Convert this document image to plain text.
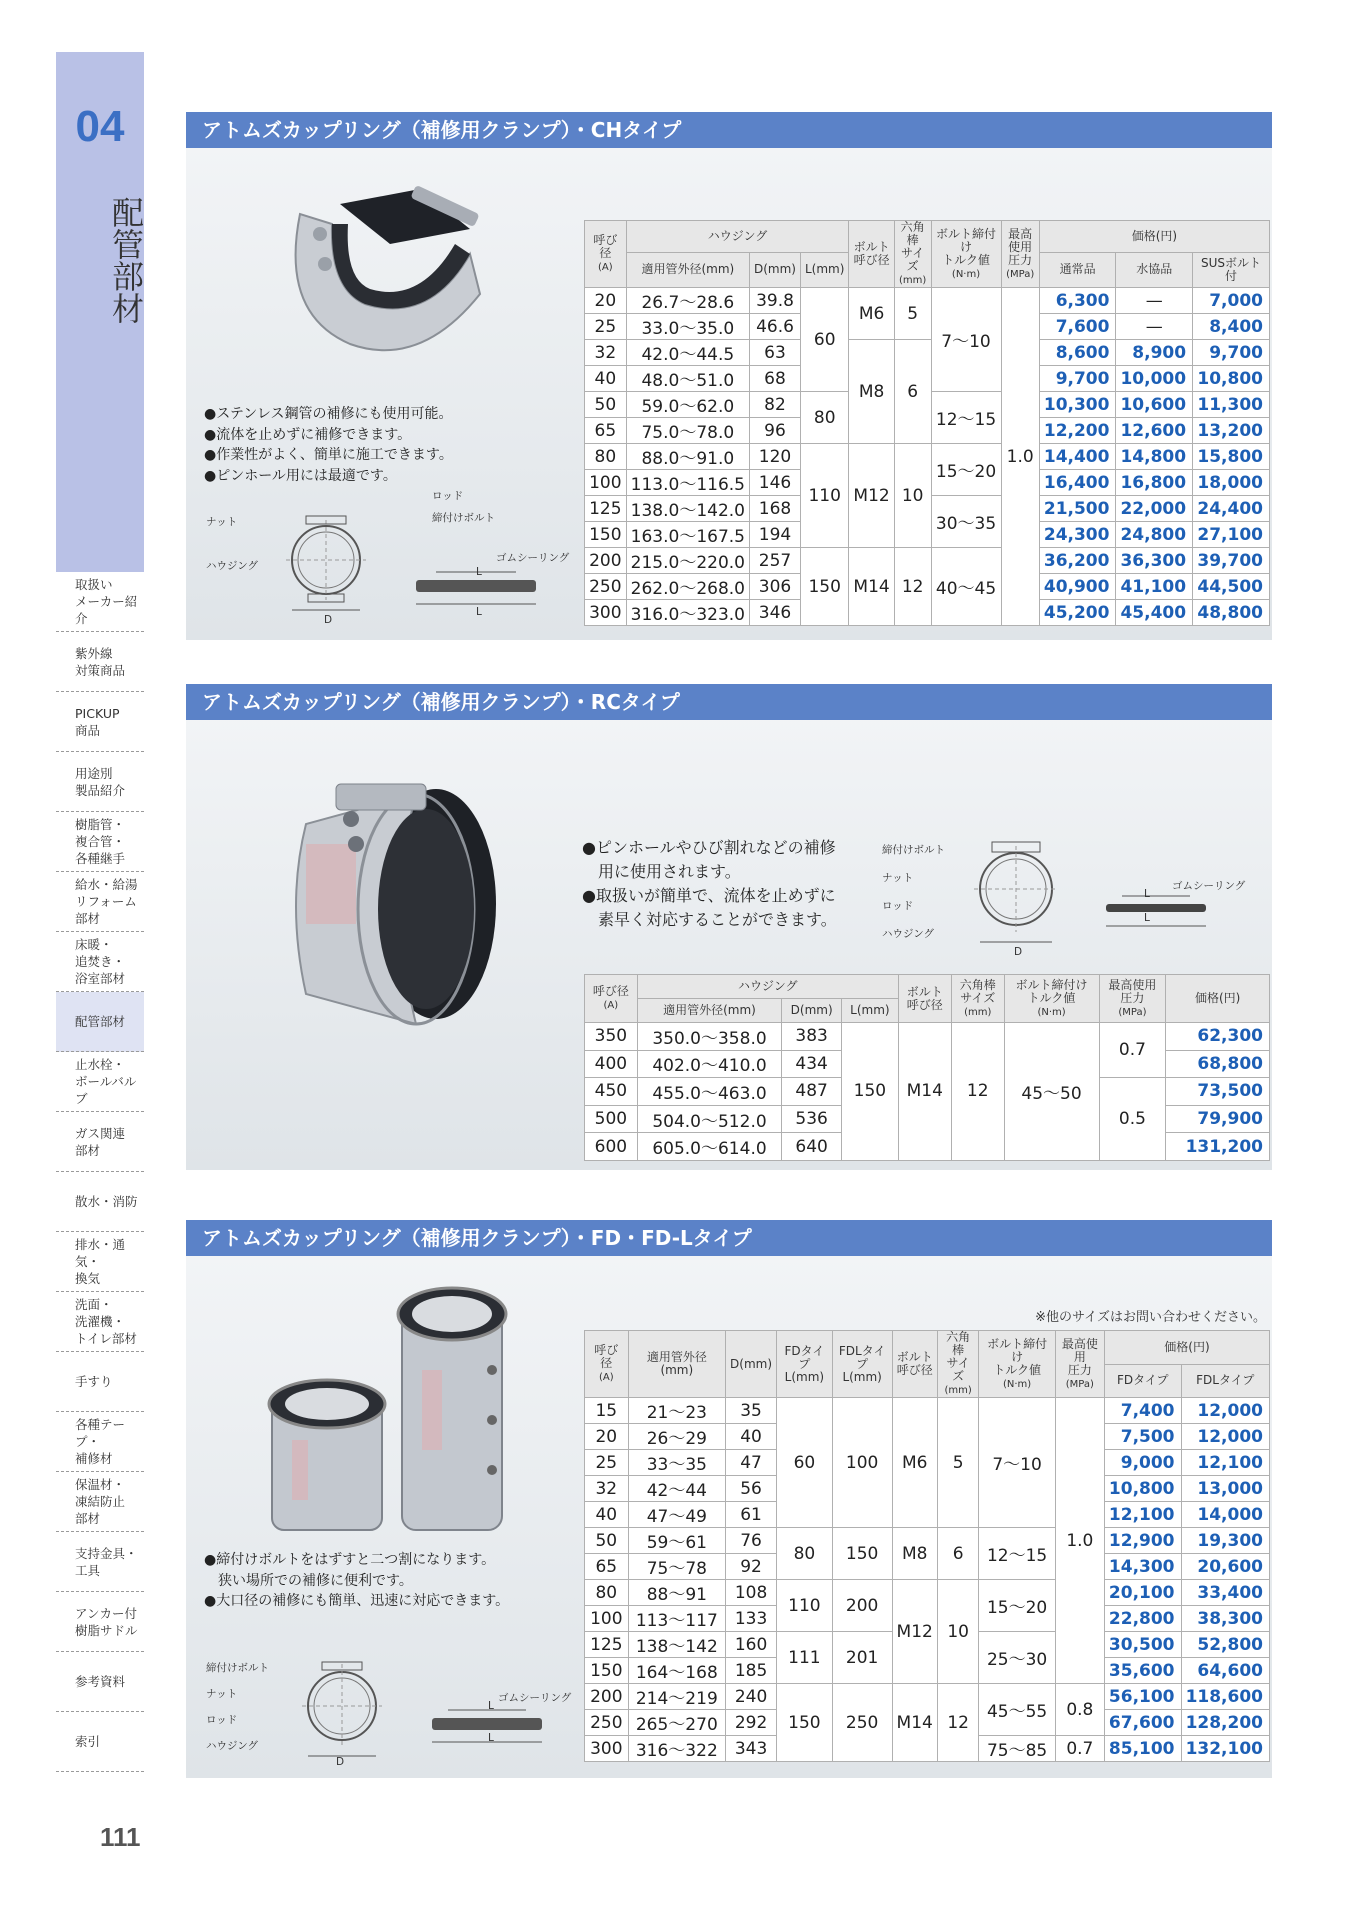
04
配管部材
取扱い
メーカー紹介
紫外線
対策商品
PICKUP
商品
用途別
製品紹介
樹脂管・
複合管・
各種継手
給水・給湯
リフォーム
部材
床暖・
追焚き・
浴室部材
配管部材
止水栓・
ボールバルブ
ガス関連
部材
散水・消防
排水・通気・
換気
洗面・
洗濯機・
トイレ部材
手すり
各種テープ・
補修材
保温材・
凍結防止
部材
支持金具・
工具
アンカー付
樹脂サドル
参考資料
索引
111
アトムズカップリング（補修用クランプ）・CHタイプ
●ステンレス鋼管の補修にも使用可能。
●流体を止めずに補修できます。
●作業性がよく、簡単に施工できます。
●ピンホール用には最適です。
ロッド
締付けボルト
ナット
ハウジング
ゴムシーリング
D
L
L
呼び径
(A)	ハウジング			ボルト
呼び径	六角棒
サイズ
(mm)	ボルト締付け
トルク値
(N·m)	最高使用
圧力
(MPa)	価格(円)		
	適用管外径(mm)	D(mm)	L(mm)					通常品	水協品	SUSボルト付
20	26.7〜28.6	39.8	60	M6	5	7〜10	1.0	6,300	—	7,000
25	33.0〜35.0	46.6						7,600	—	8,400
32	42.0〜44.5	63		M8	6			8,600	8,900	9,700
40	48.0〜51.0	68						9,700	10,000	10,800
50	59.0〜62.0	82	80			12〜15		10,300	10,600	11,300
65	75.0〜78.0	96						12,200	12,600	13,200
80	88.0〜91.0	120	110	M12	10	15〜20		14,400	14,800	15,800
100	113.0〜116.5	146						16,400	16,800	18,000
125	138.0〜142.0	168				30〜35		21,500	22,000	24,400
150	163.0〜167.5	194						24,300	24,800	27,100
200	215.0〜220.0	257	150	M14	12	40〜45		36,200	36,300	39,700
250	262.0〜268.0	306						40,900	41,100	44,500
300	316.0〜323.0	346						45,200	45,400	48,800
アトムズカップリング（補修用クランプ）・RCタイプ
●ピンホールやひび割れなどの補修
　用に使用されます。
●取扱いが簡単で、流体を止めずに
　素早く対応することができます。
締付けボルト
ナット
ロッド
ハウジング
ゴムシーリング
D
L
L
呼び径
(A)	ハウジング			ボルト
呼び径	六角棒
サイズ
(mm)	ボルト締付け
トルク値
(N·m)	最高使用
圧力
(MPa)	価格(円)
	適用管外径(mm)	D(mm)	L(mm)					
350	350.0〜358.0	383	150	M14	12	45〜50	0.7	62,300
400	402.0〜410.0	434						68,800
450	455.0〜463.0	487					0.5	73,500
500	504.0〜512.0	536						79,900
600	605.0〜614.0	640						131,200
アトムズカップリング（補修用クランプ）・FD・FD-Lタイプ
●締付けボルトをはずすと二つ割になります。
　狭い場所での補修に便利です。
●大口径の補修にも簡単、迅速に対応できます。
締付けボルト
ナット
ロッド
ハウジング
ゴムシーリング
D
L
L
※他のサイズはお問い合わせください。
呼び径
(A)	適用管外径(mm)	D(mm)	FDタイプ
L(mm)	FDLタイプ
L(mm)	ボルト
呼び径	六角棒
サイズ
(mm)	ボルト締付け
トルク値
(N·m)	最高使用
圧力
(MPa)	価格(円)	
									FDタイプ	FDLタイプ
15	21〜23	35	60	100	M6	5	7〜10	1.0	7,400	12,000
20	26〜29	40							7,500	12,000
25	33〜35	47							9,000	12,100
32	42〜44	56							10,800	13,000
40	47〜49	61							12,100	14,000
50	59〜61	76	80	150	M8	6	12〜15		12,900	19,300
65	75〜78	92							14,300	20,600
80	88〜91	108	110	200	M12	10	15〜20		20,100	33,400
100	113〜117	133							22,800	38,300
125	138〜142	160	111	201			25〜30		30,500	52,800
150	164〜168	185							35,600	64,600
200	214〜219	240	150	250	M14	12	45〜55	0.8	56,100	118,600
250	265〜270	292							67,600	128,200
300	316〜322	343					75〜85	0.7	85,100	132,100
